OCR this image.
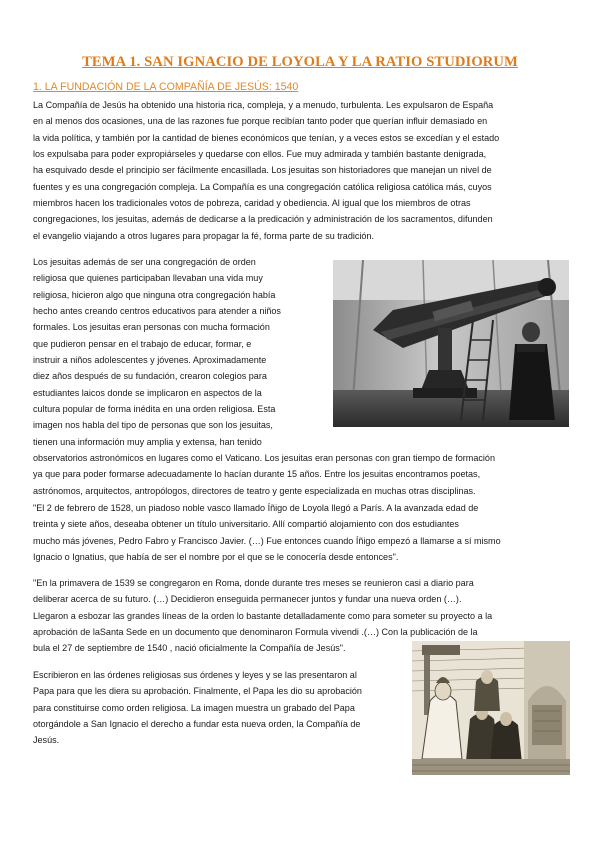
TEMA 1. SAN IGNACIO DE LOYOLA Y LA RATIO STUDIORUM
1. LA FUNDACIÓN DE LA COMPAÑÍA DE JESÚS: 1540
La Compañía de Jesús ha obtenido una historia rica, compleja, y a menudo, turbulenta. Les expulsaron de España
en al menos dos ocasiones, una de las razones fue porque recibían tanto poder que querían influir demasiado en
la vida política, y también por la cantidad de bienes económicos que tenían, y a veces estos se excedían y el estado
los expulsaba para poder expropiárseles y quedarse con ellos. Fue muy admirada y también bastante denigrada,
ha esquivado desde el principio ser fácilmente encasillada. Los jesuitas son historiadores que manejan un nivel de
fuentes y es una congregación compleja. La Compañía es una congregación católica religiosa católica más, cuyos
miembros hacen los tradicionales votos de pobreza, caridad y obediencia. Al igual que los miembros de otras
congregaciones, los jesuitas, además de dedicarse a la predicación y administración de los sacramentos, difunden
el evangelio viajando a otros lugares para propagar la fé, forma parte de su tradición.
Los jesuitas además de ser una congregación de orden
religiosa que quienes participaban llevaban una vida muy
religiosa, hicieron algo que ninguna otra congregación había
hecho antes creando centros educativos para atender a niños
formales. Los jesuitas eran personas con mucha formación
que pudieron pensar en el trabajo de educar, formar, e
instruir a niños adolescentes y jóvenes. Aproximadamente
diez años después de su fundación, crearon colegios para
estudiantes laicos donde se implicaron en aspectos de la
cultura popular de forma inédita en una orden religiosa. Esta
imagen nos habla del tipo de personas que son los jesuitas,
tienen una información muy amplia y extensa, han tenido
observatorios astronómicos en lugares como el Vaticano. Los jesuitas eran personas con gran tiempo de formación
ya que para poder formarse adecuadamente lo hacían durante 15 años. Entre los jesuitas encontramos poetas,
astrónomos, arquitectos, antropólogos, directores de teatro y gente especializada en muchas otras disciplinas.
"El 2 de febrero de 1528, un piadoso noble vasco llamado Íñigo de Loyola llegó a París. A la avanzada edad de
treinta y siete años, deseaba obtener un título universitario. Allí compartió alojamiento con dos estudiantes
mucho más jóvenes, Pedro Fabro y Francisco Javier. (…) Fue entonces cuando Íñigo empezó a llamarse a sí mismo
Ignacio o Ignatius, que había de ser el nombre por el que se le conocería desde entonces".
"En la primavera de 1539 se congregaron en Roma, donde durante tres meses se reunieron casi a diario para
deliberar acerca de su futuro. (…) Decidieron enseguida permanecer juntos y fundar una nueva orden (…).
Llegaron a esbozar las grandes líneas de la orden lo bastante detalladamente como para someter su proyecto a la
aprobación de laSanta Sede en un documento que denominaron Formula vivendi .(…) Con la publicación de la
bula el 27 de septiembre de 1540 , nació oficialmente la Compañía de Jesús".
Escribieron en las órdenes religiosas sus órdenes y leyes y se las presentaron al
Papa para que les diera su aprobación. Finalmente, el Papa les dio su aprobación
para constituirse como orden religiosa. La imagen muestra un grabado del Papa
otorgándole a San Ignacio el derecho a fundar esta nueva orden, la Compañía de
Jesús.
